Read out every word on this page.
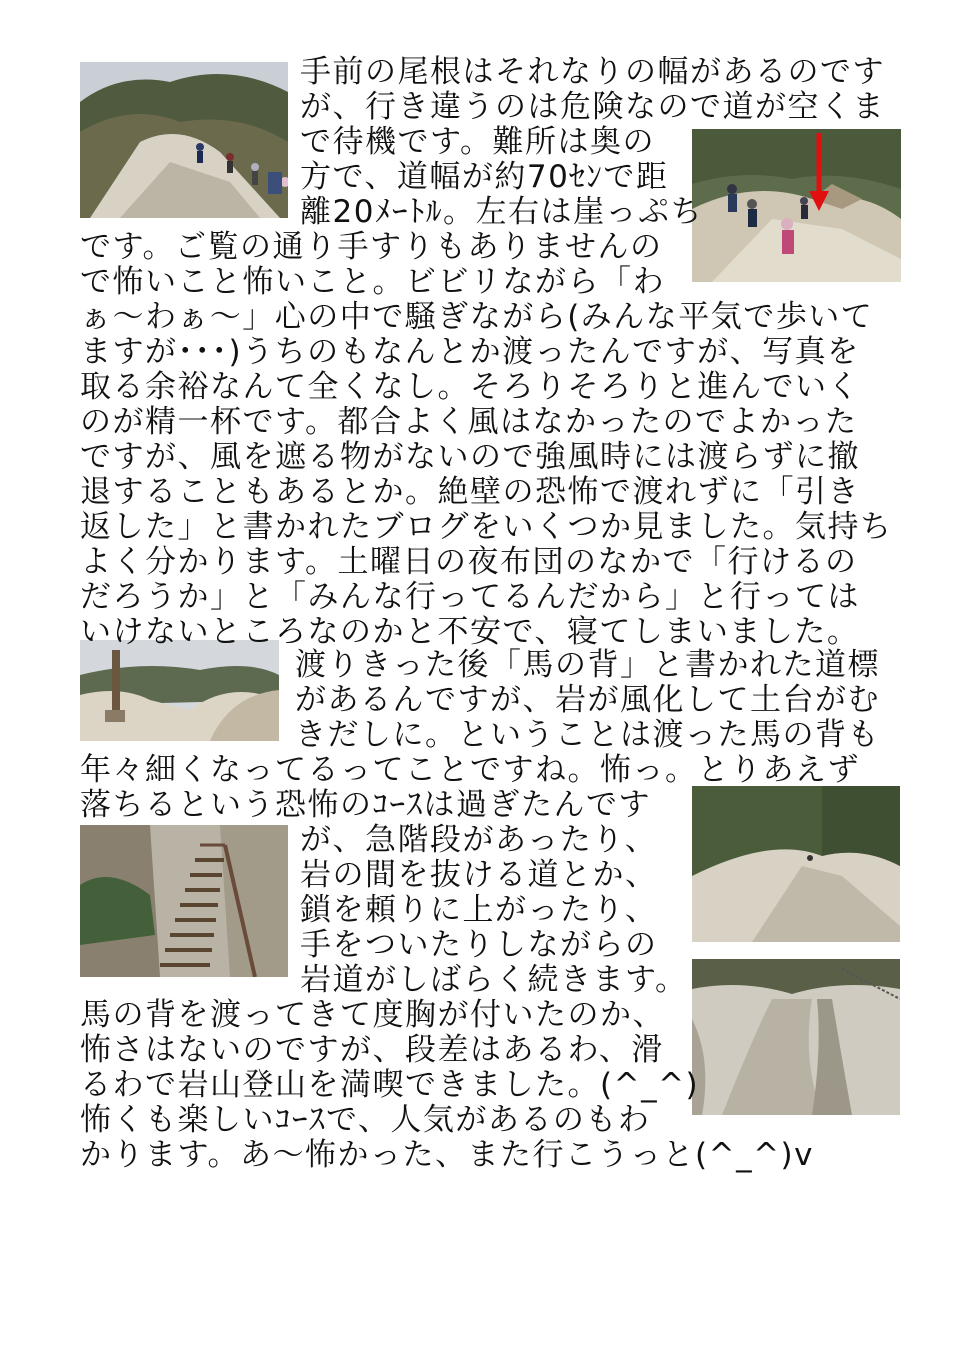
手前の尾根はそれなりの幅があるのです
が、行き違うのは危険なので道が空くま
で待機です。難所は奥の
方で、道幅が約70ｾﾝで距
離20ﾒｰﾄﾙ。左右は崖っぷち
です。ご覧の通り手すりもありませんの
で怖いこと怖いこと。ビビリながら「わ
ぁ～わぁ～」心の中で騒ぎながら(みんな平気で歩いて
ますが･･･)うちのもなんとか渡ったんですが、写真を
取る余裕なんて全くなし。そろりそろりと進んでいく
のが精一杯です。都合よく風はなかったのでよかった
ですが、風を遮る物がないので強風時には渡らずに撤
退することもあるとか。絶壁の恐怖で渡れずに「引き
返した」と書かれたブログをいくつか見ました。気持ち
よく分かります。土曜日の夜布団のなかで「行けるの
だろうか」と「みんな行ってるんだから」と行っては
いけないところなのかと不安で、寝てしまいました。
渡りきった後「馬の背」と書かれた道標
があるんですが、岩が風化して土台がむ
きだしに。ということは渡った馬の背も
年々細くなってるってことですね。怖っ。とりあえず
落ちるという恐怖のｺｰｽは過ぎたんです
が、急階段があったり、
岩の間を抜ける道とか、
鎖を頼りに上がったり、
手をついたりしながらの
岩道がしばらく続きます。
馬の背を渡ってきて度胸が付いたのか、
怖さはないのですが、段差はあるわ、滑
るわで岩山登山を満喫できました。(^_^)
怖くも楽しいｺｰｽで、人気があるのもわ
かります。あ～怖かった、また行こうっと(^_^)v
